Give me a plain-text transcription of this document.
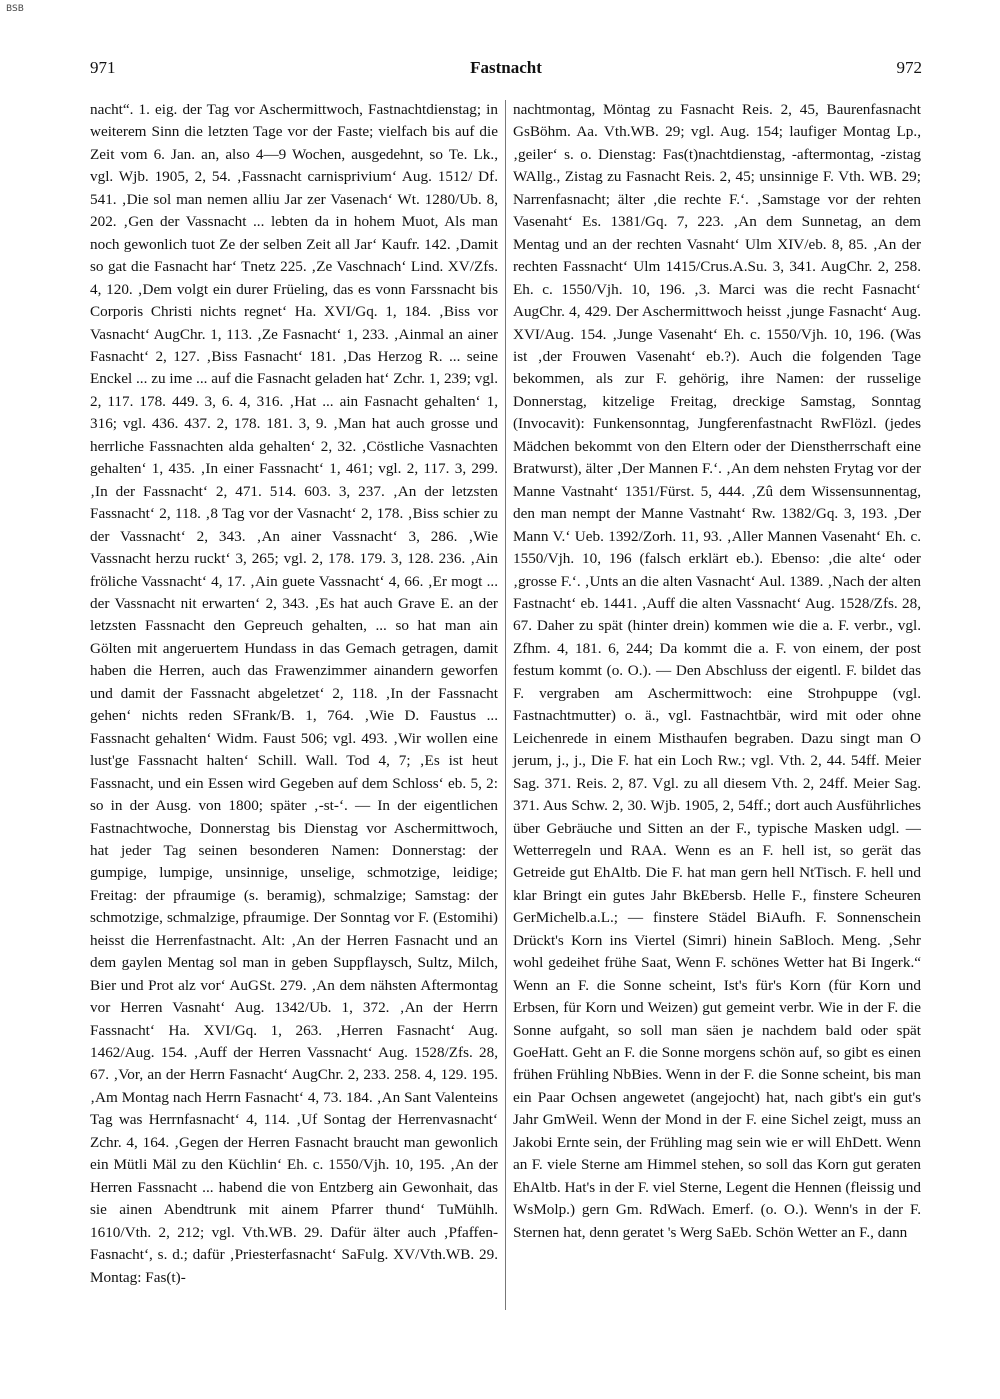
BSB
971	Fastnacht	972
nacht“. 1. eig. der Tag vor Aschermittwoch, Fastnachtdienstag; in weiterem Sinn die letzten Tage vor der Faste; vielfach bis auf die Zeit vom 6. Jan. an, also 4—9 Wochen, ausgedehnt, so Te. Lk., vgl. Wjb. 1905, 2, 54. ‚Fassnacht carnisprivium‘ Aug. 1512/ Df. 541. ‚Die sol man nemen alliu Jar zer Vasenach‘ Wt. 1280/Ub. 8, 202. ‚Gen der Vassnacht ... lebten da in hohem Muot, Als man noch gewonlich tuot Ze der selben Zeit all Jar‘ Kaufr. 142. ‚Damit so gat die Fasnacht har‘ Tnetz 225. ‚Ze Vaschnach‘ Lind. XV/Zfs. 4, 120. ‚Dem volgt ein durer Früeling, das es vonn Farssnacht bis Corporis Christi nichts regnet‘ Ha. XVI/Gq. 1, 184. ‚Biss vor Vasnacht‘ AugChr. 1, 113. ‚Ze Fasnacht‘ 1, 233. ‚Ainmal an ainer Fasnacht‘ 2, 127. ‚Biss Fasnacht‘ 181. ‚Das Herzog R. ... seine Enckel ... zu ime ... auf die Fasnacht geladen hat‘ Zchr. 1, 239; vgl. 2, 117. 178. 449. 3, 6. 4, 316. ‚Hat ... ain Fasnacht gehalten‘ 1, 316; vgl. 436. 437. 2, 178. 181. 3, 9. ‚Man hat auch grosse und herrliche Fassnachten alda gehalten‘ 2, 32. ‚Cöstliche Vasnachten gehalten‘ 1, 435. ‚In einer Fassnacht‘ 1, 461; vgl. 2, 117. 3, 299. ‚In der Fassnacht‘ 2, 471. 514. 603. 3, 237. ‚An der letzsten Fassnacht‘ 2, 118. ‚8 Tag vor der Vasnacht‘ 2, 178. ‚Biss schier zu der Vassnacht‘ 2, 343. ‚An ainer Vassnacht‘ 3, 286. ‚Wie Vassnacht herzu ruckt‘ 3, 265; vgl. 2, 178. 179. 3, 128. 236. ‚Ain fröliche Vassnacht‘ 4, 17. ‚Ain guete Vassnacht‘ 4, 66. ‚Er mogt ... der Vassnacht nit erwarten‘ 2, 343. ‚Es hat auch Grave E. an der letzsten Fassnacht den Gepreuch gehalten, ... so hat man ain Gölten mit angeruertem Hundass in das Gemach getragen, damit haben die Herren, auch das Frawenzimmer ainandern geworfen und damit der Fassnacht abgeletzet‘ 2, 118. ‚In der Fassnacht gehen‘ nichts reden SFrank/B. 1, 764. ‚Wie D. Faustus ... Fassnacht gehalten‘ Widm. Faust 506; vgl. 493. ‚Wir wollen eine lust'ge Fassnacht halten‘ Schill. Wall. Tod 4, 7; ‚Es ist heut Fassnacht, und ein Essen wird Gegeben auf dem Schloss‘ eb. 5, 2: so in der Ausg. von 1800; später ‚-st-‘. — In der eigentlichen Fastnachtwoche, Donnerstag bis Dienstag vor Aschermittwoch, hat jeder Tag seinen besonderen Namen: Donnerstag: der gumpige, lumpige, unsinnige, unselige, schmotzige, leidige; Freitag: der pfraumige (s. beramig), schmalzige; Samstag: der schmotzige, schmalzige, pfraumige. Der Sonntag vor F. (Estomihi) heisst die Herrenfastnacht. Alt: ‚An der Herren Fasnacht und an dem gaylen Mentag sol man in geben Suppflaysch, Sultz, Milch, Bier und Prot alz vor‘ AuGSt. 279. ‚An dem nähsten Aftermontag vor Herren Vasnaht‘ Aug. 1342/Ub. 1, 372. ‚An der Herrn Fassnacht‘ Ha. XVI/Gq. 1, 263. ‚Herren Fasnacht‘ Aug. 1462/Aug. 154. ‚Auff der Herren Vassnacht‘ Aug. 1528/Zfs. 28, 67. ‚Vor, an der Herrn Fasnacht‘ AugChr. 2, 233. 258. 4, 129. 195. ‚Am Montag nach Herrn Fasnacht‘ 4, 73. 184. ‚An Sant Valenteins Tag was Herrnfasnacht‘ 4, 114. ‚Uf Sontag der Herrenvasnacht‘ Zchr. 4, 164. ‚Gegen der Herren Fasnacht braucht man gewonlich ein Mütli Mäl zu den Küchlin‘ Eh. c. 1550/Vjh. 10, 195. ‚An der Herren Fassnacht ... habend die von Entzberg ain Gewonhait, das sie ainen Abendtrunk mit ainem Pfarrer thund‘ TuMühlh. 1610/Vth. 2, 212; vgl. Vth.WB. 29. Dafür älter auch ‚Pfaffen-Fasnacht‘, s. d.; dafür ‚Priesterfasnacht‘ SaFulg. XV/Vth.WB. 29. Montag: Fas(t)-
nachtmontag, Möntag zu Fasnacht Reis. 2, 45, Baurenfasnacht GsBöhm. Aa. Vth.WB. 29; vgl. Aug. 154; laufiger Montag Lp., ‚geiler‘ s. o. Dienstag: Fas(t)nachtdienstag, -aftermontag, -zistag WAllg., Zistag zu Fasnacht Reis. 2, 45; unsinnige F. Vth. WB. 29; Narrenfasnacht; älter ‚die rechte F.‘. ‚Samstage vor der rehten Vasenaht‘ Es. 1381/Gq. 7, 223. ‚An dem Sunnetag, an dem Mentag und an der rechten Vasnaht‘ Ulm XIV/eb. 8, 85. ‚An der rechten Fassnacht‘ Ulm 1415/Crus.A.Su. 3, 341. AugChr. 2, 258. Eh. c. 1550/Vjh. 10, 196. ‚3. Marci was die recht Fasnacht‘ AugChr. 4, 429. Der Aschermittwoch heisst ‚junge Fasnacht‘ Aug. XVI/Aug. 154. ‚Junge Vasenaht‘ Eh. c. 1550/Vjh. 10, 196. (Was ist ‚der Frouwen Vasenaht‘ eb.?). Auch die folgenden Tage bekommen, als zur F. gehörig, ihre Namen: der russelige Donnerstag, kitzelige Freitag, dreckige Samstag, Sonntag (Invocavit): Funkensonntag, Jungferenfastnacht RwFlözl. (jedes Mädchen bekommt von den Eltern oder der Dienstherrschaft eine Bratwurst), älter ‚Der Mannen F.‘. ‚An dem nehsten Frytag vor der Manne Vastnaht‘ 1351/Fürst. 5, 444. ‚Zû dem Wissensunnentag, den man nempt der Manne Vastnaht‘ Rw. 1382/Gq. 3, 193. ‚Der Mann V.‘ Ueb. 1392/Zorh. 11, 93. ‚Aller Mannen Vasenaht‘ Eh. c. 1550/Vjh. 10, 196 (falsch erklärt eb.). Ebenso: ‚die alte‘ oder ‚grosse F.‘. ‚Unts an die alten Vasnacht‘ Aul. 1389. ‚Nach der alten Fastnacht‘ eb. 1441. ‚Auff die alten Vassnacht‘ Aug. 1528/Zfs. 28, 67. Daher zu spät (hinter drein) kommen wie die a. F. verbr., vgl. Zfhm. 4, 181. 6, 244; Da kommt die a. F. von einem, der post festum kommt (o. O.). — Den Abschluss der eigentl. F. bildet das F. vergraben am Aschermittwoch: eine Strohpuppe (vgl. Fastnachtmutter) o. ä., vgl. Fastnachtbär, wird mit oder ohne Leichenrede in einem Misthaufen begraben. Dazu singt man O jerum, j., j., Die F. hat ein Loch Rw.; vgl. Vth. 2, 44. 54ff. Meier Sag. 371. Reis. 2, 87. Vgl. zu all diesem Vth. 2, 24ff. Meier Sag. 371. Aus Schw. 2, 30. Wjb. 1905, 2, 54ff.; dort auch Ausführliches über Gebräuche und Sitten an der F., typische Masken udgl. — Wetterregeln und RAA. Wenn es an F. hell ist, so gerät das Getreide gut EhAltb. Die F. hat man gern hell NtTisch. F. hell und klar Bringt ein gutes Jahr BkEbersb. Helle F., finstere Scheuren GerMichelb.a.L.; — finstere Städel BiAufh. F. Sonnenschein Drückt's Korn ins Viertel (Simri) hinein SaBloch. Meng. ‚Sehr wohl gedeihet frühe Saat, Wenn F. schönes Wetter hat Bi Ingerk.“ Wenn an F. die Sonne scheint, Ist's für's Korn (für Korn und Erbsen, für Korn und Weizen) gut gemeint verbr. Wie in der F. die Sonne aufgaht, so soll man säen je nachdem bald oder spät GoeHatt. Geht an F. die Sonne morgens schön auf, so gibt es einen frühen Frühling NbBies. Wenn in der F. die Sonne scheint, bis man ein Paar Ochsen angewetet (angejocht) hat, nach gibt's ein gut's Jahr GmWeil. Wenn der Mond in der F. eine Sichel zeigt, muss an Jakobi Ernte sein, der Frühling mag sein wie er will EhDett. Wenn an F. viele Sterne am Himmel stehen, so soll das Korn gut geraten EhAltb. Hat's in der F. viel Sterne, Legent die Hennen (fleissig und WsMolp.) gern Gm. RdWach. Emerf. (o. O.). Wenn's in der F. Sternen hat, denn geratet 's Werg SaEb. Schön Wetter an F., dann
